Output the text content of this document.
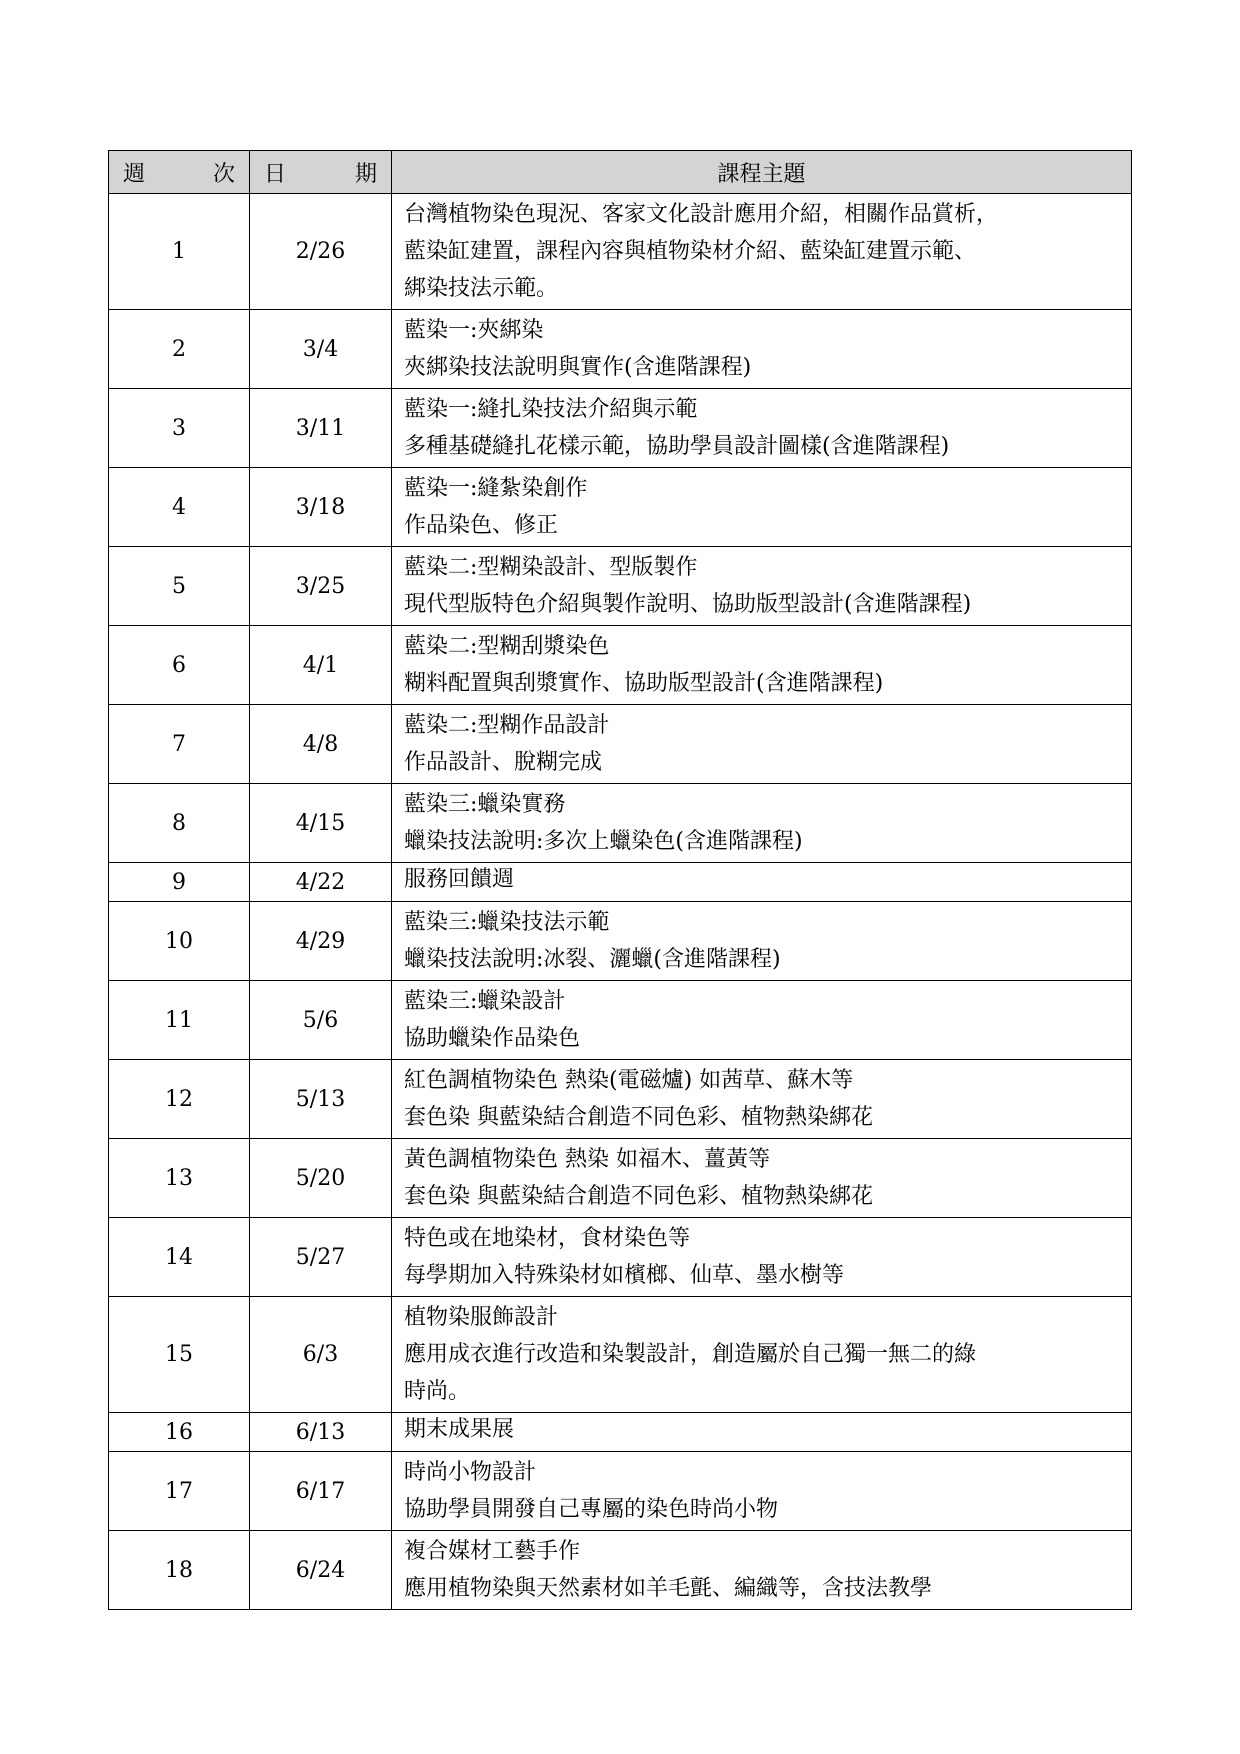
週次	日期	課程主題
1	2/26	台灣植物染色現況、客家文化設計應用介紹，相關作品賞析，
藍染缸建置，課程內容與植物染材介紹、藍染缸建置示範、
綁染技法示範。

2	3/4	藍染一:夾綁染
夾綁染技法說明與實作(含進階課程)

3	3/11	藍染一:縫扎染技法介紹與示範
多種基礎縫扎花樣示範，協助學員設計圖樣(含進階課程)

4	3/18	藍染一:縫紮染創作
作品染色、修正

5	3/25	藍染二:型糊染設計、型版製作
現代型版特色介紹與製作說明、協助版型設計(含進階課程)

6	4/1	藍染二:型糊刮漿染色
糊料配置與刮漿實作、協助版型設計(含進階課程)

7	4/8	藍染二:型糊作品設計
作品設計、脫糊完成

8	4/15	藍染三:蠟染實務
蠟染技法說明:多次上蠟染色(含進階課程)

9	4/22	服務回饋週

10	4/29	藍染三:蠟染技法示範
蠟染技法說明:冰裂、灑蠟(含進階課程)

11	5/6	藍染三:蠟染設計
協助蠟染作品染色

12	5/13	紅色調植物染色 熱染(電磁爐) 如茜草、蘇木等
套色染 與藍染結合創造不同色彩、植物熱染綁花

13	5/20	黃色調植物染色 熱染 如福木、薑黃等
套色染 與藍染結合創造不同色彩、植物熱染綁花

14	5/27	特色或在地染材，食材染色等
每學期加入特殊染材如檳榔、仙草、墨水樹等

15	6/3	植物染服飾設計
應用成衣進行改造和染製設計，創造屬於自己獨一無二的綠
時尚。

16	6/13	期末成果展

17	6/17	時尚小物設計
協助學員開發自己專屬的染色時尚小物

18	6/24	複合媒材工藝手作
應用植物染與天然素材如羊毛氈、編織等，含技法教學
